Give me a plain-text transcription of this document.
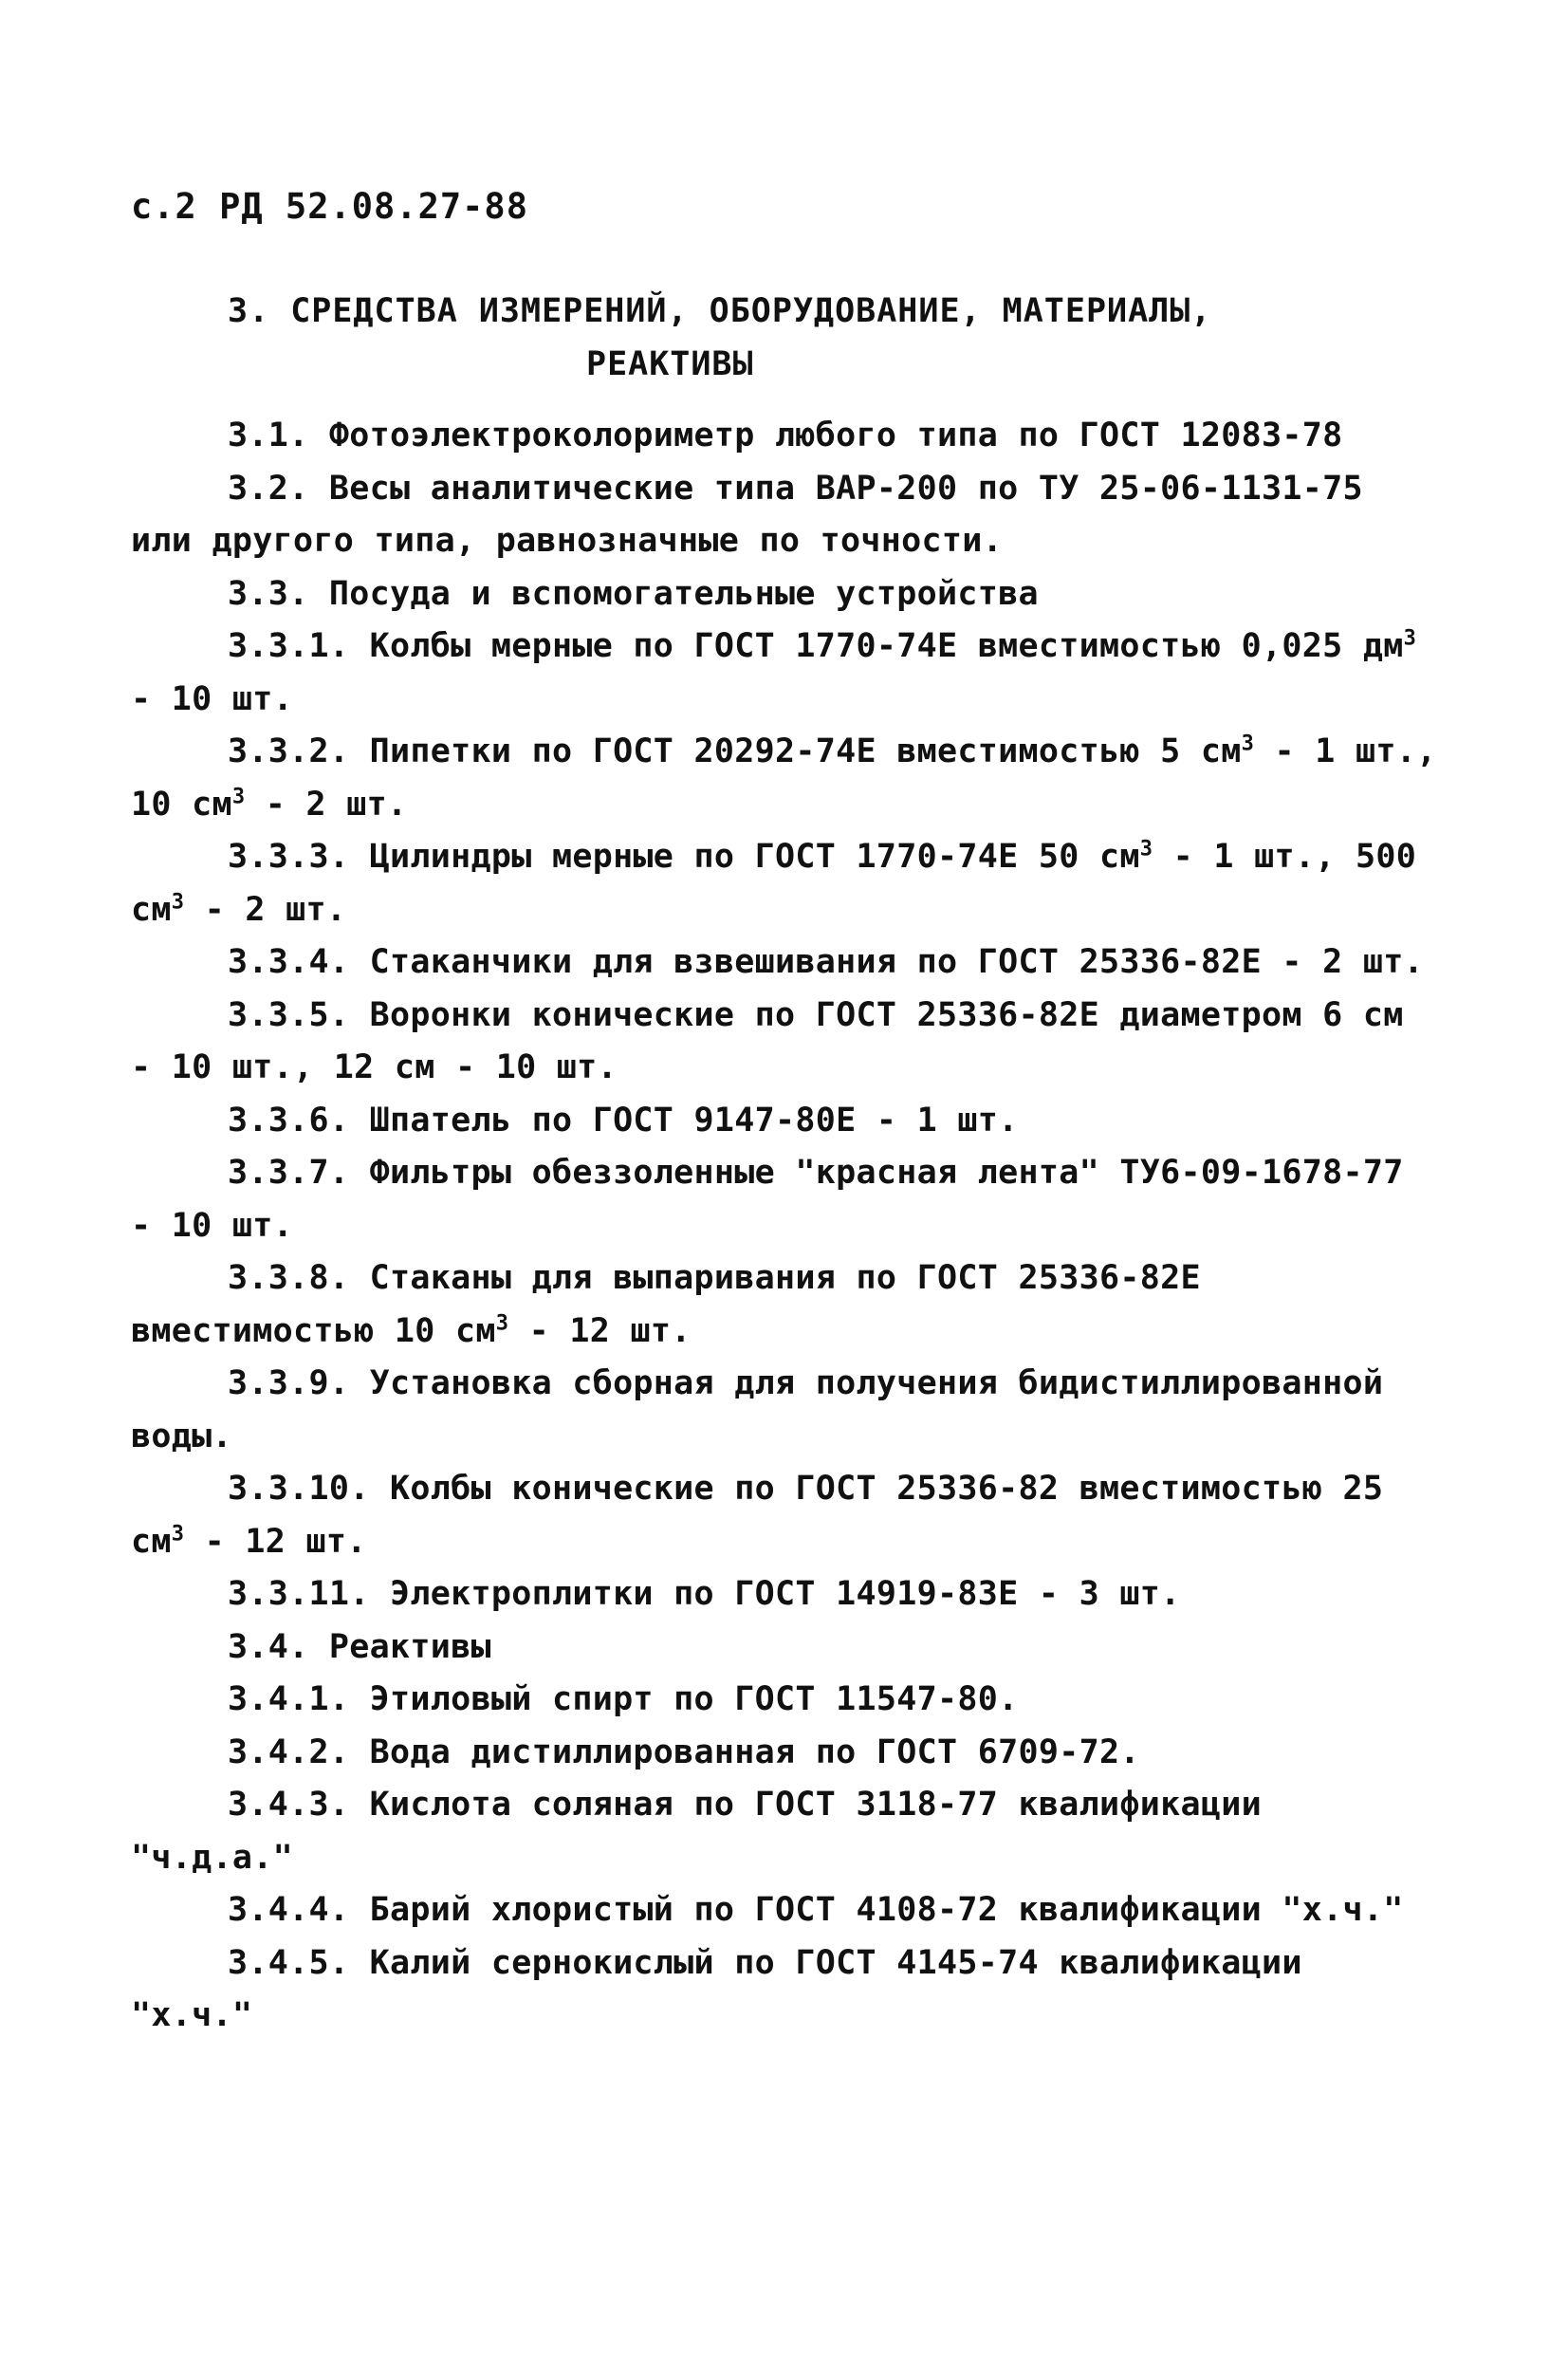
с.2 РД 52.08.27-88
3. СРЕДСТВА ИЗМЕРЕНИЙ, ОБОРУДОВАНИЕ, МАТЕРИАЛЫ,
РЕАКТИВЫ

3.1. Фотоэлектроколориметр любого типа по ГОСТ 12083-78

3.2. Весы аналитические типа ВАР-200 по ТУ 25-06-1131-75 или другого типа, равнозначные по точности.

3.3. Посуда и вспомогательные устройства

3.3.1. Колбы мерные по ГОСТ 1770-74Е вместимостью 0,025 $дм^3 - 10$ шт.

3.3.2. Пипетки по ГОСТ 20292-74Е вместимостью 5 $см^3 - 1$ шт., 10 $см^3 - 2$ шт.

3.3.3. Цилиндры мерные по ГОСТ 1770-74Е 50 $см^3 - 1$ шт., 500 $см^3 - 2$ шт.

3.3.4. Стаканчики для взвешивания по ГОСТ 25336-82Е - 2 шт.

3.3.5. Воронки конические по ГОСТ 25336-82Е диаметром 6 см - 10 шт., 12 см - 10 шт.

3.3.6. Шпатель по ГОСТ 9147-80Е - 1 шт.

3.3.7. Фильтры обеззоленные "красная лента" ТУ6-09-1678-77 - 10 шт.

3.3.8. Стаканы для выпаривания по ГОСТ 25336-82Е вместимостью 10 $см^3 - 12$ шт.

3.3.9. Установка сборная для получения бидистиллированной воды.

3.3.10. Колбы конические по ГОСТ 25336-82 вместимостью 25 $см^3 - 12$ шт.

3.3.11. Электроплитки по ГОСТ 14919-83Е - 3 шт.

3.4. Реактивы

3.4.1. Этиловый спирт по ГОСТ 11547-80.

3.4.2. Вода дистиллированная по ГОСТ 6709-72.

3.4.3. Кислота соляная по ГОСТ 3118-77 квалификации "ч.д.а."

3.4.4. Барий хлористый по ГОСТ 4108-72 квалификации "х.ч."

3.4.5. Калий сернокислый по ГОСТ 4145-74 квалификации "х.ч."
